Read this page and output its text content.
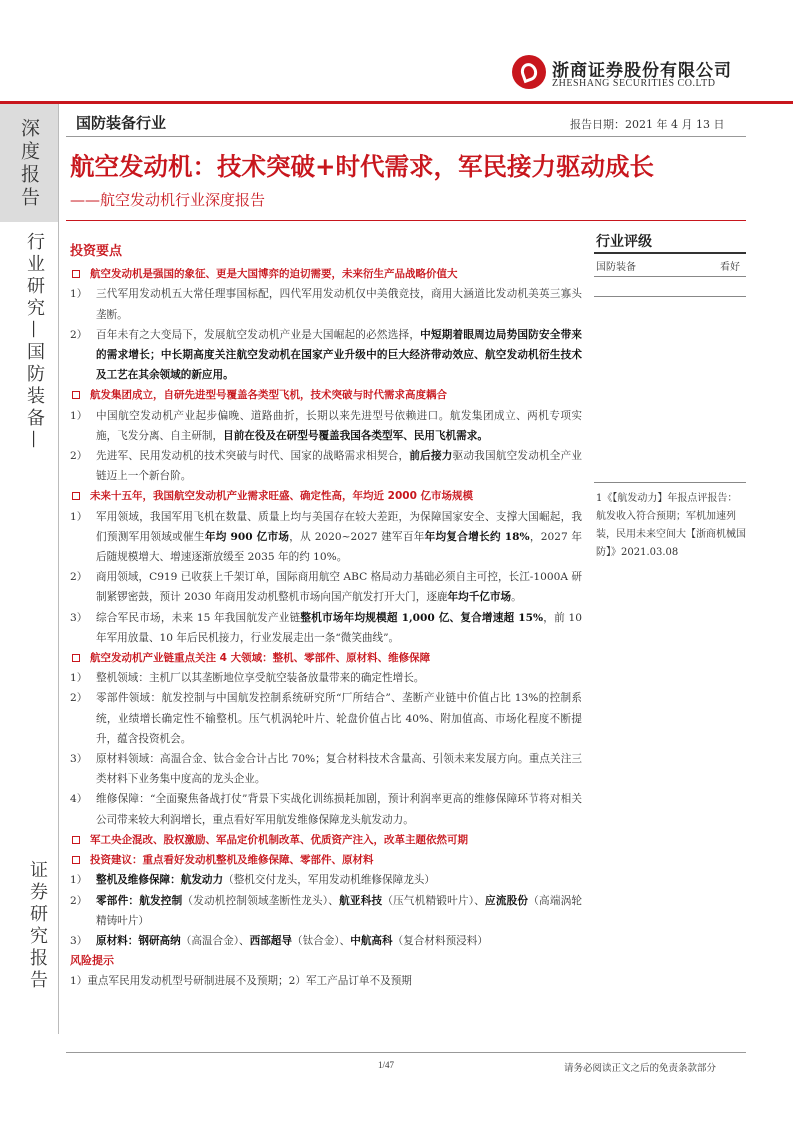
浙商证券股份有限公司
ZHESHANG SECURITIES CO.LTD
深度报告
行业研究—国防装备—
证券研究报告
国防装备行业	报告日期：2021 年 4 月 13 日
航空发动机：技术突破+时代需求，军民接力驱动成长
——航空发动机行业深度报告
投资要点
航空发动机是强国的象征、更是大国博弈的迫切需要，未来衍生产品战略价值大
1） 三代军用发动机五大常任理事国标配，四代军用发动机仅中美俄竞技，商用大涵道比发动机美英三寡头垄断。
2） 百年未有之大变局下，发展航空发动机产业是大国崛起的必然选择，中短期着眼周边局势国防安全带来的需求增长；中长期高度关注航空发动机在国家产业升级中的巨大经济带动效应、航空发动机衍生技术及工艺在其余领域的新应用。
航发集团成立，自研先进型号覆盖各类型飞机，技术突破与时代需求高度耦合
1） 中国航空发动机产业起步偏晚、道路曲折，长期以来先进型号依赖进口。航发集团成立、两机专项实施，飞发分离、自主研制，目前在役及在研型号覆盖我国各类型军、民用飞机需求。
2） 先进军、民用发动机的技术突破与时代、国家的战略需求相契合，前后接力驱动我国航空发动机全产业链迈上一个新台阶。
未来十五年，我国航空发动机产业需求旺盛、确定性高，年均近 2000 亿市场规模
1） 军用领域，我国军用飞机在数量、质量上均与美国存在较大差距，为保障国家安全、支撑大国崛起，我们预测军用领域或催生年均 900 亿市场，从 2020~2027 建军百年年均复合增长约 18%，2027 年后随规模增大、增速逐渐放缓至 2035 年的约 10%。
2） 商用领域，C919 已收获上千架订单，国际商用航空 ABC 格局动力基础必须自主可控，长江-1000A 研制紧锣密鼓，预计 2030 年商用发动机整机市场向国产航发打开大门，逐鹿年均千亿市场。
3） 综合军民市场，未来 15 年我国航发产业链整机市场年均规模超 1,000 亿、复合增速超 15%，前 10 年军用放量、10 年后民机接力，行业发展走出一条“微笑曲线”。
航空发动机产业链重点关注 4 大领域：整机、零部件、原材料、维修保障
1） 整机领域：主机厂以其垄断地位享受航空装备放量带来的确定性增长。
2） 零部件领域：航发控制与中国航发控制系统研究所“厂所结合”、垄断产业链中价值占比 13%的控制系统，业绩增长确定性不输整机。压气机涡轮叶片、轮盘价值占比 40%、附加值高、市场化程度不断提升，蕴含投资机会。
3） 原材料领域：高温合金、钛合金合计占比 70%；复合材料技术含量高、引领未来发展方向。重点关注三类材料下业务集中度高的龙头企业。
4） 维修保障：“全面聚焦备战打仗”背景下实战化训练损耗加剧，预计利润率更高的维修保障环节将对相关公司带来较大利润增长，重点看好军用航发维修保障龙头航发动力。
军工央企混改、股权激励、军品定价机制改革、优质资产注入，改革主题依然可期
投资建议：重点看好发动机整机及维修保障、零部件、原材料
1） 整机及维修保障：航发动力（整机交付龙头，军用发动机维修保障龙头）
2） 零部件：航发控制（发动机控制领域垄断性龙头）、航亚科技（压气机精锻叶片）、应流股份（高端涡轮精铸叶片）
3） 原材料：钢研高纳（高温合金）、西部超导（钛合金）、中航高科（复合材料预浸料）
风险提示
1）重点军民用发动机型号研制进展不及预期；2）军工产品订单不及预期
行业评级
国防装备	看好
1《【航发动力】年报点评报告：航发收入符合预期；军机加速列装，民用未来空间大【浙商机械国防】》2021.03.08
1/47	请务必阅读正文之后的免责条款部分
